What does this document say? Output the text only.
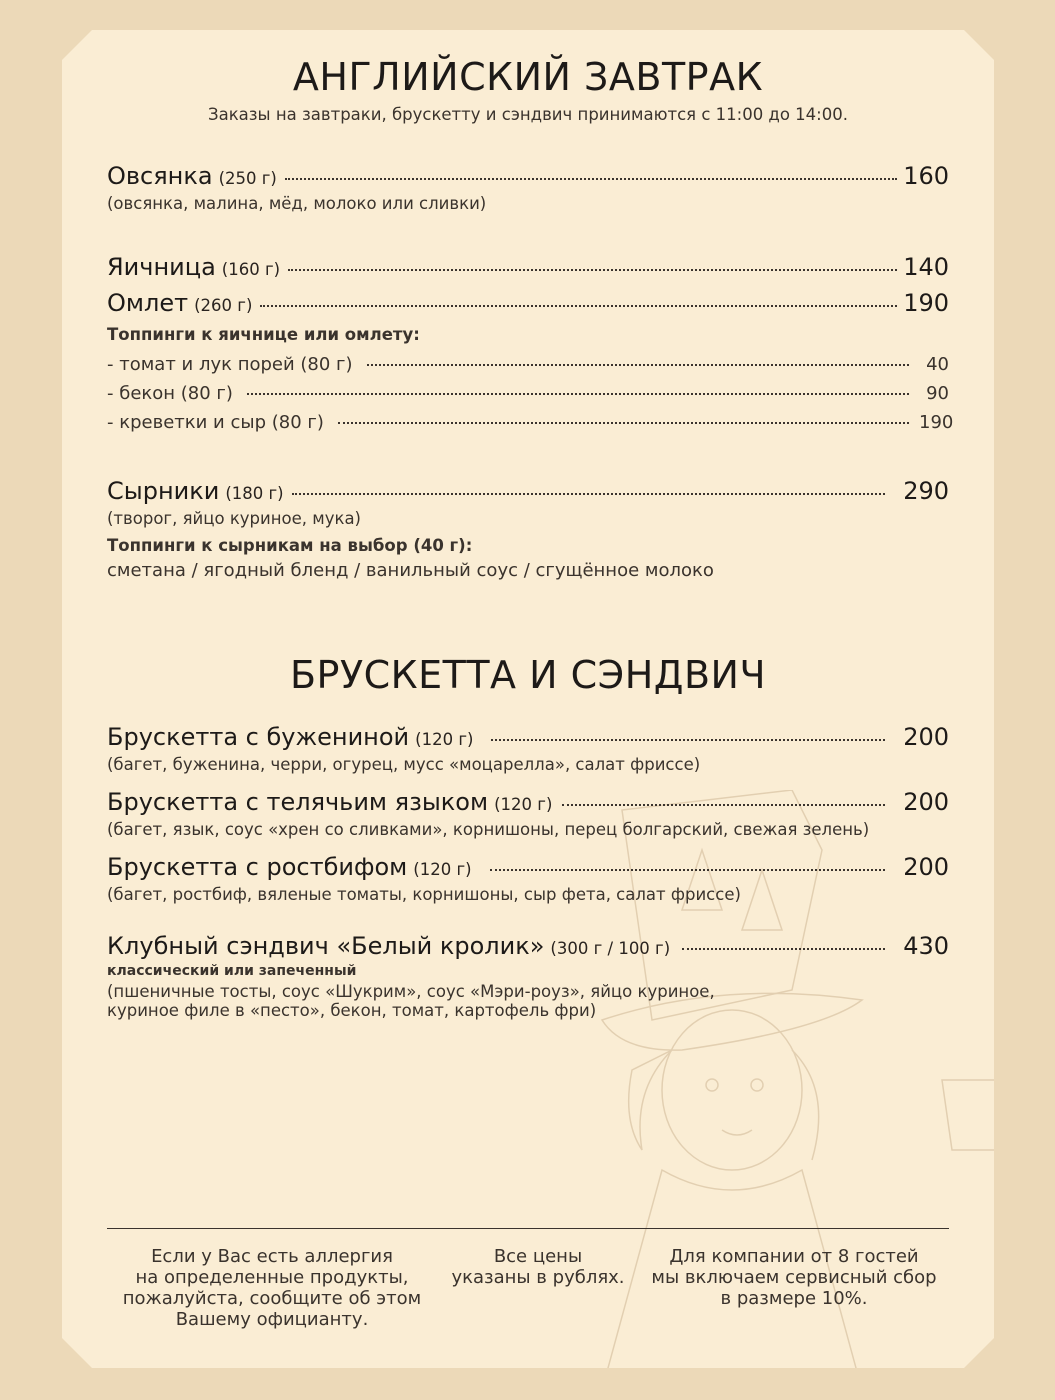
АНГЛИЙСКИЙ ЗАВТРАК
Заказы на завтраки, брускетту и сэндвич принимаются с 11:00 до 14:00.
Овсянка (250 г)	160
(овсянка, малина, мёд, молоко или сливки)
Яичница (160 г)	140
Омлет (260 г)	190
Топпинги к яичнице или омлету:
- томат и лук порей (80 г)	40
- бекон (80 г)	90
- креветки и сыр (80 г)	190
Сырники (180 г)	290
(творог, яйцо куриное, мука)
Топпинги к сырникам на выбор (40 г):
сметана / ягодный бленд / ванильный соус / сгущённое молоко
БРУСКЕТТА И СЭНДВИЧ
Брускетта с бужениной (120 г)	200
(багет, буженина, черри, огурец, мусс «моцарелла», салат фриссе)
Брускетта с телячьим языком (120 г)	200
(багет, язык, соус «хрен со сливками», корнишоны, перец болгарский, свежая зелень)
Брускетта с ростбифом (120 г)	200
(багет, ростбиф, вяленые томаты, корнишоны, сыр фета, салат фриссе)
Клубный сэндвич «Белый кролик» (300 г / 100 г)	430
классический или запеченный
(пшеничные тосты, соус «Шукрим», соус «Мэри-роуз», яйцо куриное,
куриное филе в «песто», бекон, томат, картофель фри)
Если у Вас есть аллергия
на определенные продукты,
пожалуйста, сообщите об этом
Вашему официанту.
Все цены
указаны в рублях.
Для компании от 8 гостей
мы включаем сервисный сбор
в размере 10%.
